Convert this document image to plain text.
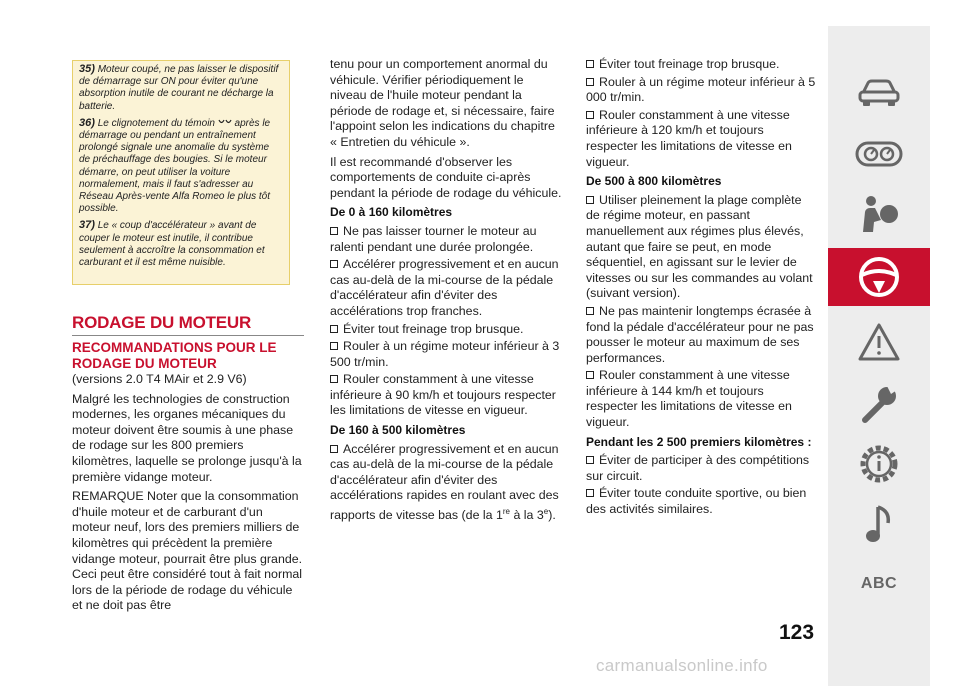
35) Moteur coupé, ne pas laisser le dispositif de démarrage sur ON pour éviter qu'une absorption inutile de courant ne décharge la batterie.

36) Le clignotement du témoin après le démarrage ou pendant un entraînement prolongé signale une anomalie du système de préchauffage des bougies. Si le moteur démarre, on peut utiliser la voiture normalement, mais il faut s'adresser au Réseau Après-vente Alfa Romeo le plus tôt possible.

37) Le « coup d'accélérateur » avant de couper le moteur est inutile, il contribue seulement à accroître la consommation et carburant et il est même nuisible.

RODAGE DU MOTEUR
RECOMMANDATIONS POUR LE RODAGE DU MOTEUR

(versions 2.0 T4 MAir et 2.9 V6)

Malgré les technologies de construction modernes, les organes mécaniques du moteur doivent être soumis à une phase de rodage sur les 800 premiers kilomètres, laquelle se prolonge jusqu'à la première vidange moteur.

REMARQUE Noter que la consommation d'huile moteur et de carburant d'un moteur neuf, lors des premiers milliers de kilomètres qui précèdent la première vidange moteur, pourrait être plus grande. Ceci peut être considéré tout à fait normal lors de la période de rodage du véhicule et ne doit pas être

tenu pour un comportement anormal du véhicule. Vérifier périodiquement le niveau de l'huile moteur pendant la période de rodage et, si nécessaire, faire l'appoint selon les indications du chapitre « Entretien du véhicule ».

Il est recommandé d'observer les comportements de conduite ci-après pendant la période de rodage du véhicule.

De 0 à 160 kilomètres
Ne pas laisser tourner le moteur au ralenti pendant une durée prolongée.
Accélérer progressivement et en aucun cas au-delà de la mi-course de la pédale d'accélérateur afin d'éviter des accélérations trop franches.
Éviter tout freinage trop brusque.
Rouler à un régime moteur inférieur à 3 500 tr/min.
Rouler constamment à une vitesse inférieure à 90 km/h et toujours respecter les limitations de vitesse en vigueur.
De 160 à 500 kilomètres
Accélérer progressivement et en aucun cas au-delà de la mi-course de la pédale d'accélérateur afin d'éviter des accélérations rapides en roulant avec des rapports de vitesse bas (de la 1re à la 3e).
Éviter tout freinage trop brusque.
Rouler à un régime moteur inférieur à 5 000 tr/min.
Rouler constamment à une vitesse inférieure à 120 km/h et toujours respecter les limitations de vitesse en vigueur.
De 500 à 800 kilomètres
Utiliser pleinement la plage complète de régime moteur, en passant manuellement aux régimes plus élevés, autant que faire se peut, en mode séquentiel, en agissant sur le levier de vitesses ou sur les commandes au volant (suivant version).
Ne pas maintenir longtemps écrasée à fond la pédale d'accélérateur pour ne pas pousser le moteur au maximum de ses performances.
Rouler constamment à une vitesse inférieure à 144 km/h et toujours respecter les limitations de vitesse en vigueur.
Pendant les 2 500 premiers kilomètres :
Éviter de participer à des compétitions sur circuit.
Éviter toute conduite sportive, ou bien des activités similaires.
ABC
123
carmanualsonline.info
